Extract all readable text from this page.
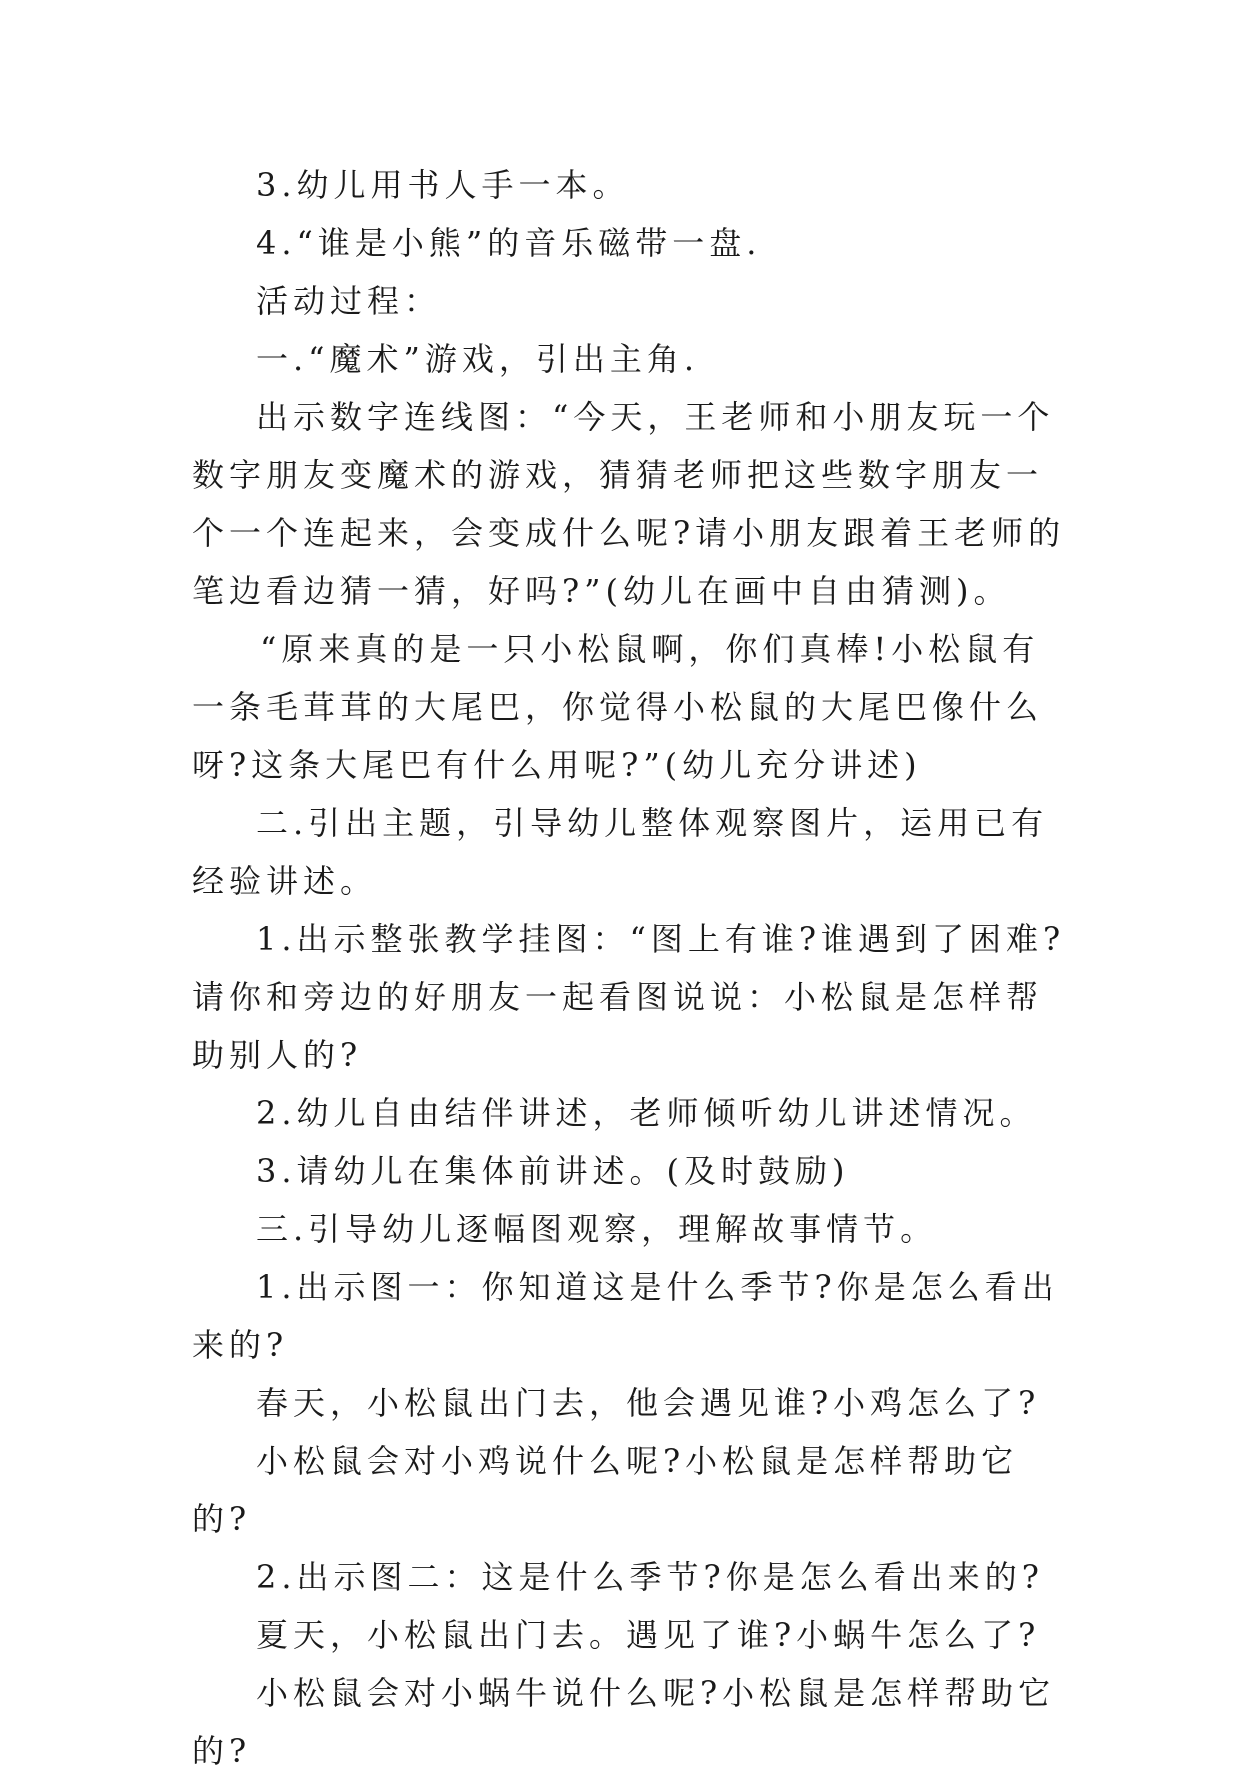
3.幼儿用书人手一本。

4.“谁是小熊”的音乐磁带一盘.

活动过程：

一.“魔术”游戏，引出主角.

出示数字连线图：“今天，王老师和小朋友玩一个数字朋友变魔术的游戏，猜猜老师把这些数字朋友一个一个连起来，会变成什么呢?请小朋友跟着王老师的笔边看边猜一猜，好吗?”(幼儿在画中自由猜测)。

“原来真的是一只小松鼠啊，你们真棒!小松鼠有一条毛茸茸的大尾巴，你觉得小松鼠的大尾巴像什么呀?这条大尾巴有什么用呢?”(幼儿充分讲述)

二.引出主题，引导幼儿整体观察图片，运用已有经验讲述。

1.出示整张教学挂图：“图上有谁?谁遇到了困难?请你和旁边的好朋友一起看图说说：小松鼠是怎样帮助别人的?

2.幼儿自由结伴讲述，老师倾听幼儿讲述情况。

3.请幼儿在集体前讲述。(及时鼓励)

三.引导幼儿逐幅图观察，理解故事情节。

1.出示图一：你知道这是什么季节?你是怎么看出来的?

春天，小松鼠出门去，他会遇见谁?小鸡怎么了?

小松鼠会对小鸡说什么呢?小松鼠是怎样帮助它的?

2.出示图二：这是什么季节?你是怎么看出来的?

夏天，小松鼠出门去。遇见了谁?小蜗牛怎么了?

小松鼠会对小蜗牛说什么呢?小松鼠是怎样帮助它的?
